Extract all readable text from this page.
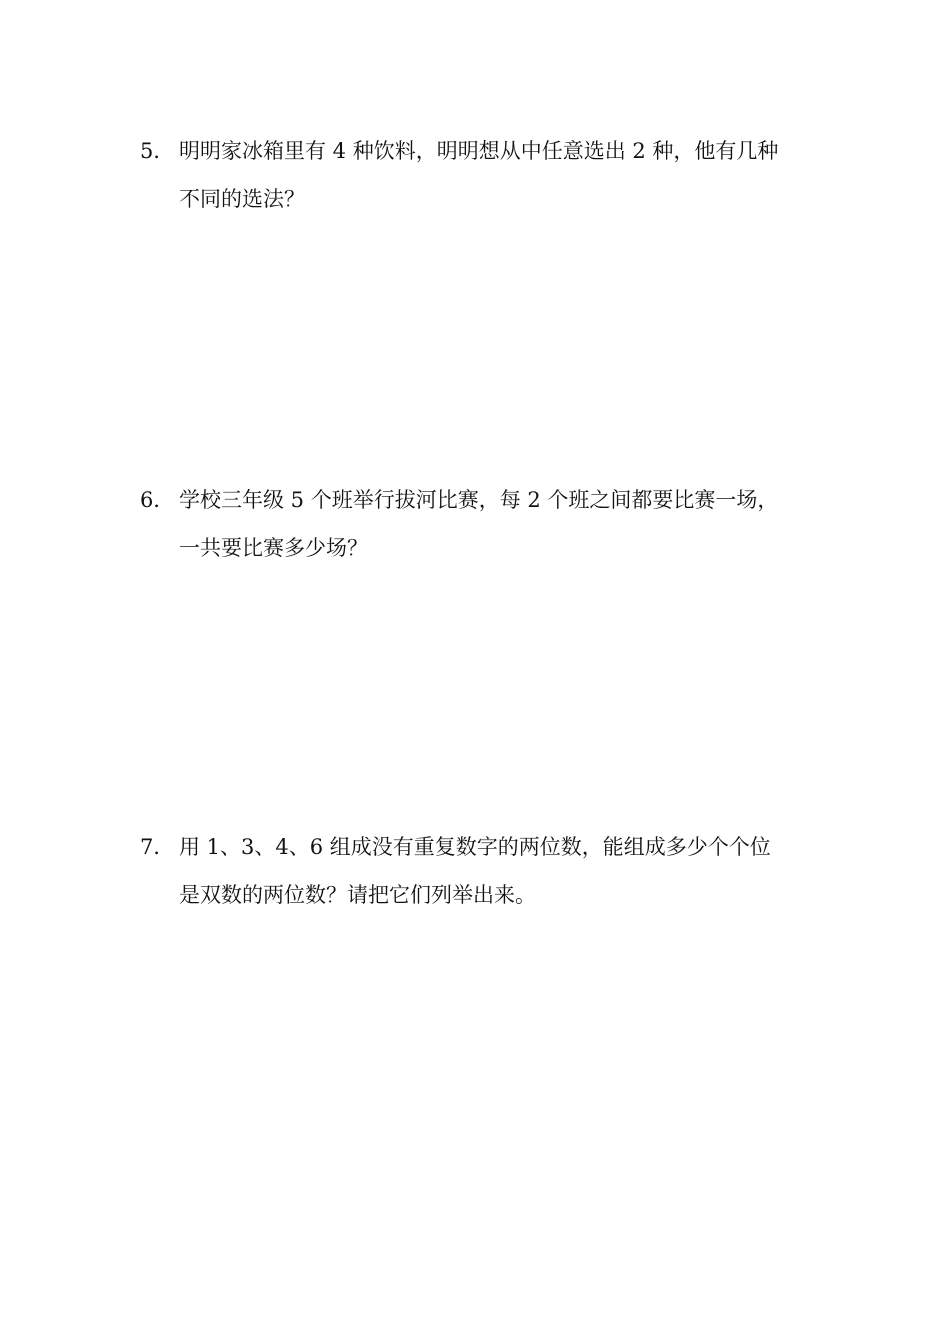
5． 明明家冰箱里有 4 种饮料，明明想从中任意选出 2 种，他有几种
不同的选法？
6． 学校三年级 5 个班举行拔河比赛，每 2 个班之间都要比赛一场，
一共要比赛多少场？
7． 用 1、3、4、6 组成没有重复数字的两位数，能组成多少个个位
是双数的两位数？请把它们列举出来。
